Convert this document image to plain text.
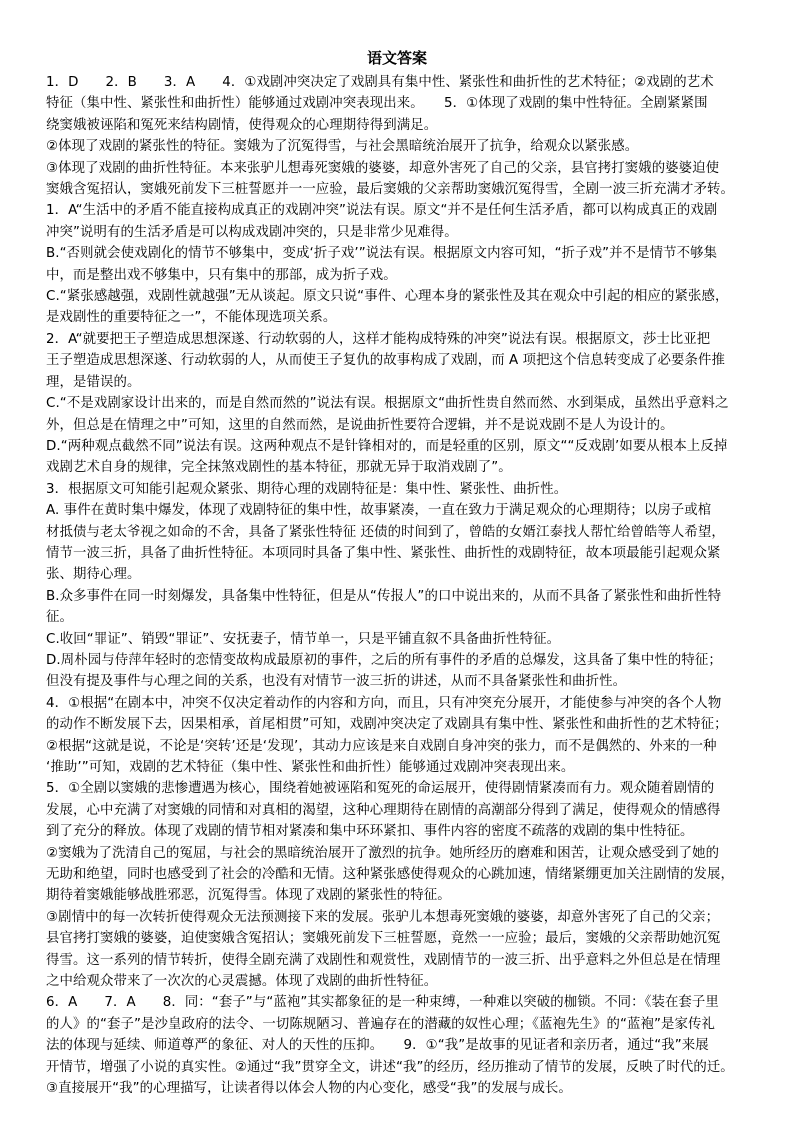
语文答案
1．D　　2．B　　3．A　　4．①戏剧冲突决定了戏剧具有集中性、紧张性和曲折性的艺术特征；②戏剧的艺术
特征（集中性、紧张性和曲折性）能够通过戏剧冲突表现出来。　　5．①体现了戏剧的集中性特征。全剧紧紧围
绕窦娥被诬陷和冤死来结构剧情，使得观众的心理期待得到满足。
②体现了戏剧的紧张性的特征。窦娥为了沉冤得雪，与社会黑暗统治展开了抗争，给观众以紧张感。
③体现了戏剧的曲折性特征。本来张驴儿想毒死窦娥的婆婆，却意外害死了自己的父亲，县官拷打窦娥的婆婆迫使
窦娥含冤招认，窦娥死前发下三桩誓愿并一一应验，最后窦娥的父亲帮助窦娥沉冤得雪，全剧一波三折充满才矛转。
1．A“生活中的矛盾不能直接构成真正的戏剧冲突”说法有误。原文“并不是任何生活矛盾，都可以构成真正的戏剧
冲突”说明有的生活矛盾是可以构成戏剧冲突的，只是非常少见难得。
B.“否则就会使戏剧化的情节不够集中，变成‘折子戏’”说法有误。根据原文内容可知，“折子戏”并不是情节不够集
中，而是整出戏不够集中，只有集中的那部，成为折子戏。
C.“紧张感越强，戏剧性就越强”无从谈起。原文只说“事件、心理本身的紧张性及其在观众中引起的相应的紧张感，
是戏剧性的重要特征之一”，不能体现选项关系。
2．A“就要把王子塑造成思想深遂、行动软弱的人，这样才能构成特殊的冲突”说法有误。根据原文，莎士比亚把
王子塑造成思想深遂、行动软弱的人，从而使王子复仇的故事构成了戏剧，而 A 项把这个信息转变成了必要条件推
理，是错误的。
C.“不是戏剧家设计出来的，而是自然而然的”说法有误。根据原文“曲折性贵自然而然、水到渠成，虽然出乎意料之
外，但总是在情理之中”可知，这里的自然而然，是说曲折性要符合逻辑，并不是说戏剧不是人为设计的。
D.“两种观点截然不同”说法有误。这两种观点不是针锋相对的，而是轻重的区别，原文““反戏剧’如要从根本上反掉
戏剧艺术自身的规律，完全抹煞戏剧性的基本特征，那就无异于取消戏剧了”。
3．根据原文可知能引起观众紧张、期待心理的戏剧特征是：集中性、紧张性、曲折性。
A. 事件在黄时集中爆发，体现了戏剧特征的集中性，故事紧凑，一直在致力于满足观众的心理期待；以房子或棺
材抵债与老太爷视之如命的不舍，具备了紧张性特征 还债的时间到了，曾皓的女婿江泰找人帮忙给曾皓等人希望，
情节一波三折，具备了曲折性特征。本项同时具备了集中性、紧张性、曲折性的戏剧特征，故本项最能引起观众紧
张、期待心理。
B.众多事件在同一时刻爆发，具备集中性特征，但是从“传报人”的口中说出来的，从而不具备了紧张性和曲折性特
征。
C.收回“罪证”、销毁“罪证”、安抚妻子，情节单一，只是平铺直叙不具备曲折性特征。
D.周朴园与侍萍年轻时的恋情变故构成最原初的事件，之后的所有事件的矛盾的总爆发，这具备了集中性的特征；
但没有提及事件与心理之间的关系，也没有对情节一波三折的讲述，从而不具备紧张性和曲折性。
4．①根据“在剧本中，冲突不仅决定着动作的内容和方向，而且，只有冲突充分展开，才能使参与冲突的各个人物
的动作不断发展下去，因果相承，首尾相贯”可知，戏剧冲突决定了戏剧具有集中性、紧张性和曲折性的艺术特征；
②根据“这就是说，不论是‘突转’还是‘发现’，其动力应该是来自戏剧自身冲突的张力，而不是偶然的、外来的一种
‘推助’”可知，戏剧的艺术特征（集中性、紧张性和曲折性）能够通过戏剧冲突表现出来。
5．①全剧以窦娥的悲惨遭遇为核心，围绕着她被诬陷和冤死的命运展开，使得剧情紧凑而有力。观众随着剧情的
发展，心中充满了对窦娥的同情和对真相的渴望，这种心理期待在剧情的高潮部分得到了满足，使得观众的情感得
到了充分的释放。体现了戏剧的情节相对紧凑和集中环环紧扣、事件内容的密度不疏落的戏剧的集中性特征。
②窦娥为了洗清自己的冤屈，与社会的黑暗统治展开了激烈的抗争。她所经历的磨难和困苦，让观众感受到了她的
无助和绝望，同时也感受到了社会的冷酷和无情。这种紧张感使得观众的心跳加速，情绪紧绷更加关注剧情的发展，
期待着窦娥能够战胜邪恶，沉冤得雪。体现了戏剧的紧张性的特征。
③剧情中的每一次转折使得观众无法预测接下来的发展。张驴儿本想毒死窦娥的婆婆，却意外害死了自己的父亲；
县官拷打窦娥的婆婆，迫使窦娥含冤招认；窦娥死前发下三桩誓愿，竟然一一应验；最后，窦娥的父亲帮助她沉冤
得雪。这一系列的情节转折，使得全剧充满了戏剧性和观赏性，戏剧情节的一波三折、出乎意料之外但总是在情理
之中给观众带来了一次次的心灵震撼。体现了戏剧的曲折性特征。
6．A　　7．A　　8．同：“套子”与“蓝袍”其实都象征的是一种束缚，一种难以突破的枷锁。不同：《装在套子里
的人》的“套子”是沙皇政府的法令、一切陈规陋习、普遍存在的潜藏的奴性心理；《蓝袍先生》的“蓝袍”是家传礼
法的体现与延续、师道尊严的象征、对人的天性的压抑。　　9．①“我”是故事的见证者和亲历者，通过“我”来展
开情节，增强了小说的真实性。②通过“我”贯穿全文，讲述“我”的经历，经历推动了情节的发展，反映了时代的迁。
③直接展开“我”的心理描写，让读者得以体会人物的内心变化，感受“我”的发展与成长。
